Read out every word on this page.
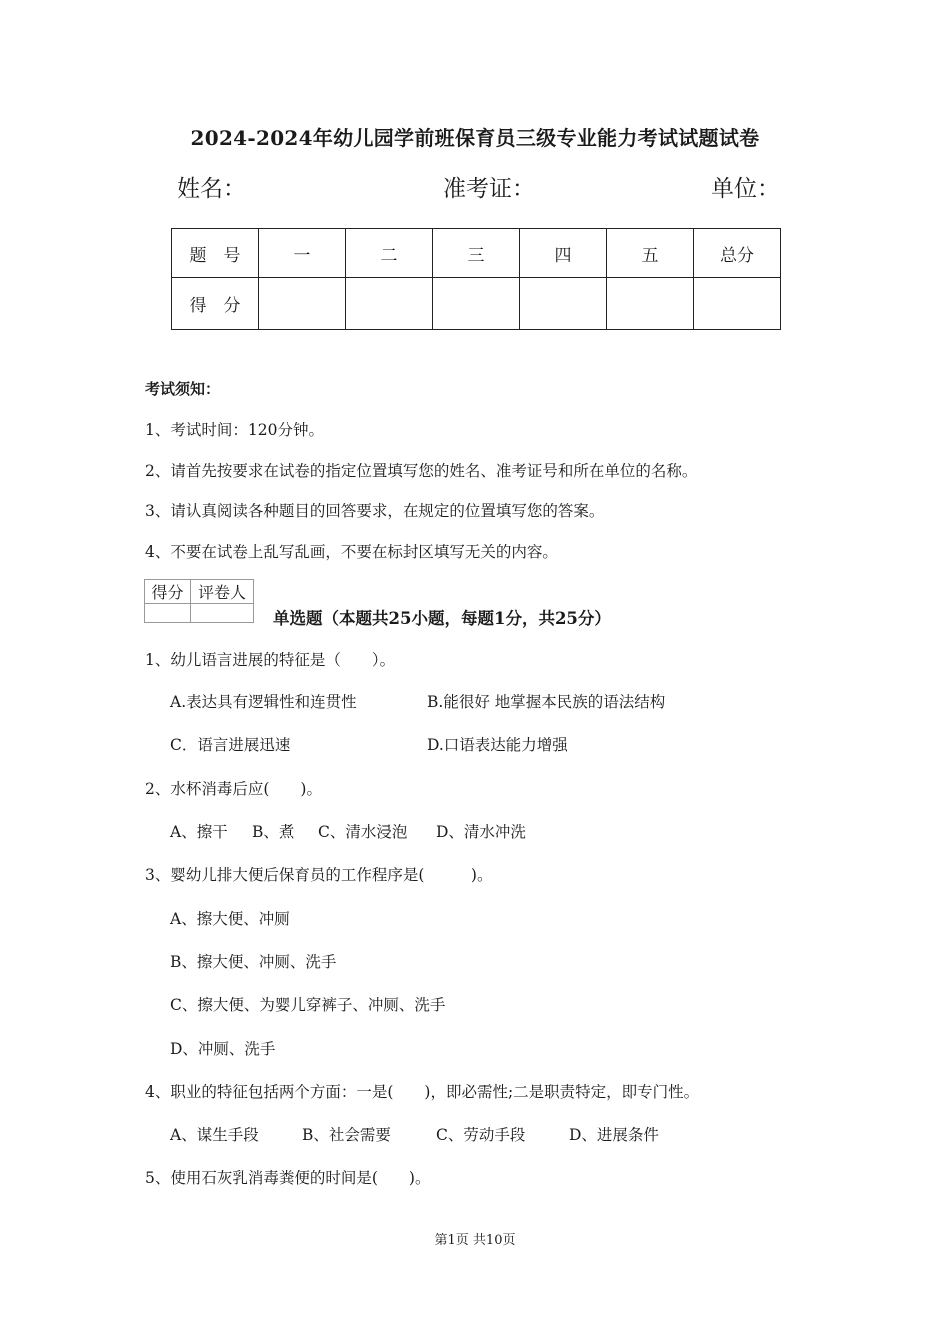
2024-2024年幼儿园学前班保育员三级专业能力考试试题试卷
姓名：	准考证：	单位：
题　号	一	二	三	四	五	总分
得　分						
考试须知：
1、考试时间：120分钟。
2、请首先按要求在试卷的指定位置填写您的姓名、准考证号和所在单位的名称。
3、请认真阅读各种题目的回答要求，在规定的位置填写您的答案。
4、不要在试卷上乱写乱画，不要在标封区填写无关的内容。
得分	评卷人

单选题（本题共25小题，每题1分，共25分）
1、幼儿语言进展的特征是（　　）。
A.表达具有逻辑性和连贯性	B.能很好 地掌握本民族的语法结构
C．语言进展迅速	D.口语表达能力增强
2、水杯消毒后应(　　)。
A、擦干 B、煮 C、清水浸泡 D、清水冲洗
3、婴幼儿排大便后保育员的工作程序是(　　　)。
A、擦大便、冲厕
B、擦大便、冲厕、洗手
C、擦大便、为婴儿穿裤子、冲厕、洗手
D、冲厕、洗手
4、职业的特征包括两个方面：一是(　　)，即必需性;二是职责特定，即专门性。
A、谋生手段	B、社会需要	C、劳动手段	D、进展条件
5、使用石灰乳消毒粪便的时间是(　　)。
第1页 共10页
